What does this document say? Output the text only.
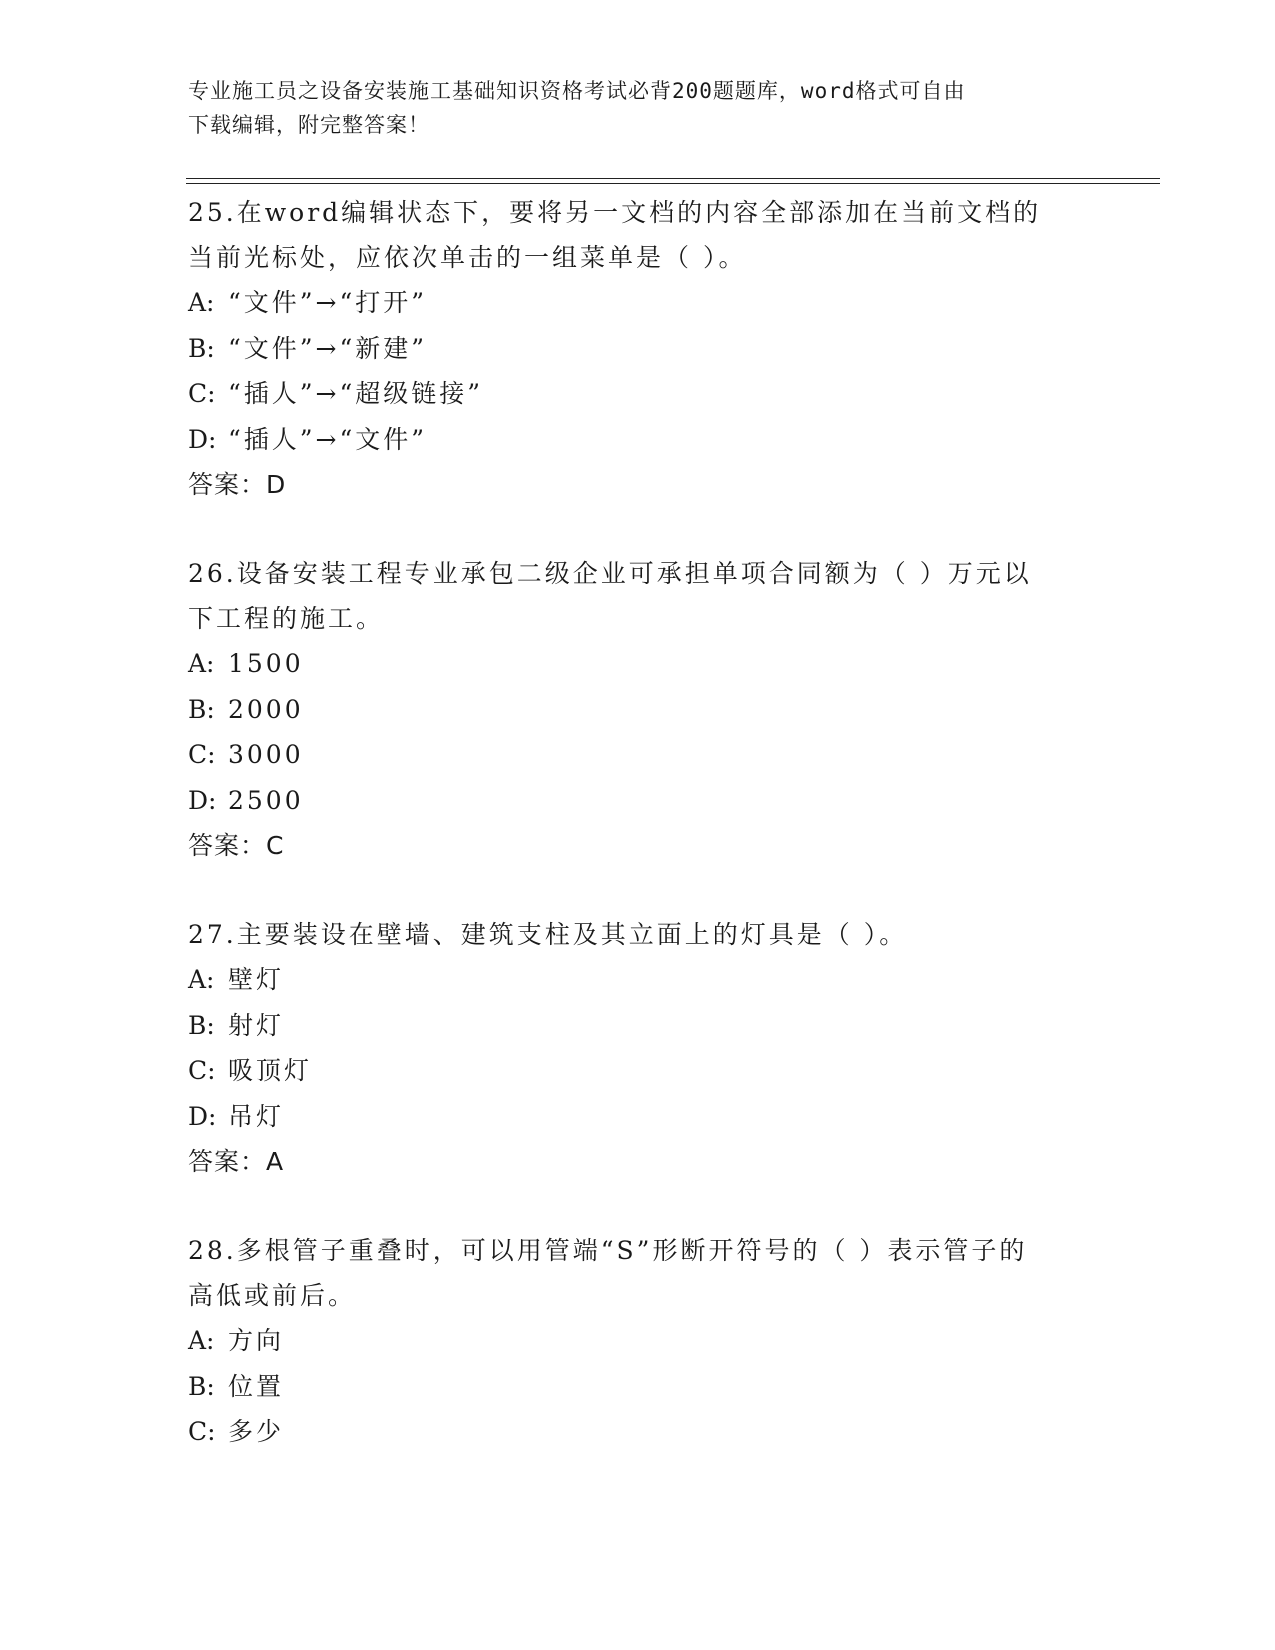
专业施工员之设备安装施工基础知识资格考试必背200题题库，word格式可自由
下载编辑，附完整答案！

25.在word编辑状态下，要将另一文档的内容全部添加在当前文档的

当前光标处，应依次单击的一组菜单是（ ）。

A: “文件”→“打开”

B: “文件”→“新建”

C: “插人”→“超级链接”

D: “插人”→“文件”

答案：D

26.设备安装工程专业承包二级企业可承担单项合同额为（ ）万元以

下工程的施工。

A: 1500

B: 2000

C: 3000

D: 2500

答案：C

27.主要装设在壁墙、建筑支柱及其立面上的灯具是（ ）。

A: 壁灯

B: 射灯

C: 吸顶灯

D: 吊灯

答案：A

28.多根管子重叠时，可以用管端“S”形断开符号的（ ）表示管子的

高低或前后。

A: 方向

B: 位置

C: 多少
